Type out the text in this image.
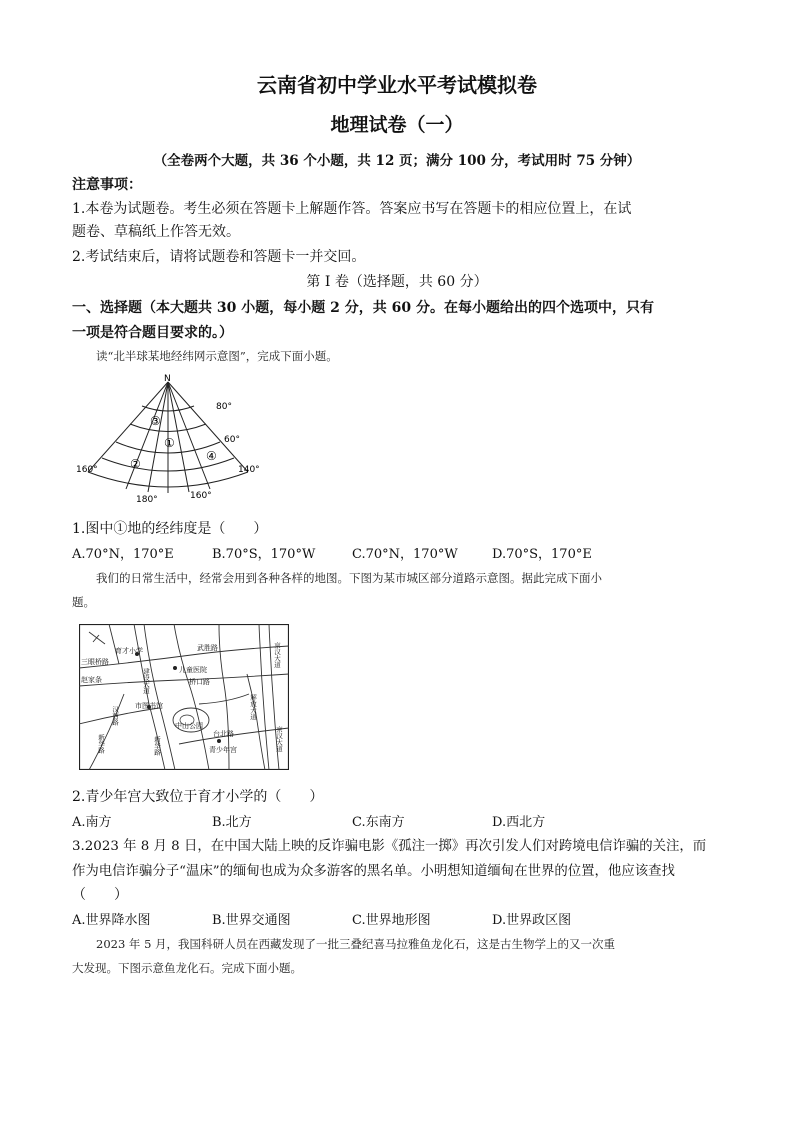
云南省初中学业水平考试模拟卷
地理试卷（一）
（全卷两个大题，共 36 个小题，共 12 页；满分 100 分，考试用时 75 分钟）
注意事项：
1.本卷为试题卷。考生必须在答题卡上解题作答。答案应书写在答题卡的相应位置上，在试
题卷、草稿纸上作答无效。
2.考试结束后，请将试题卷和答题卡一并交回。
第 I 卷（选择题，共 60 分）
一、选择题（本大题共 30 小题，每小题 2 分，共 60 分。在每小题给出的四个选项中，只有
一项是符合题目要求的。）
读“北半球某地经纬网示意图”，完成下面小题。
N
80°
60°
140°
160°
180°	160°
①
②
③
④
1.图中①地的经纬度是（　　）
A.70°N，170°E	B.70°S，170°W	C.70°N，170°W	D.70°S，170°E
我们的日常生活中，经常会用到各种各样的地图。下图为某市城区部分道路示意图。据此完成下面小
题。
育才小学
三眼桥路
儿童医院
赵家条	桥口路
武胜路
市图书馆
中山公园
台北路
青少年宫
建设大道
京汉大道
京汉大道
解放大道
新华路	新华路
汉西路
2.青少年宫大致位于育才小学的（　　）
A.南方	B.北方	C.东南方	D.西北方
3.2023 年 8 月 8 日，在中国大陆上映的反诈骗电影《孤注一掷》再次引发人们对跨境电信诈骗的关注，而
作为电信诈骗分子“温床”的缅甸也成为众多游客的黑名单。小明想知道缅甸在世界的位置，他应该查找
（　　）
A.世界降水图	B.世界交通图	C.世界地形图	D.世界政区图
2023 年 5 月，我国科研人员在西藏发现了一批三叠纪喜马拉雅鱼龙化石，这是古生物学上的又一次重
大发现。下图示意鱼龙化石。完成下面小题。
